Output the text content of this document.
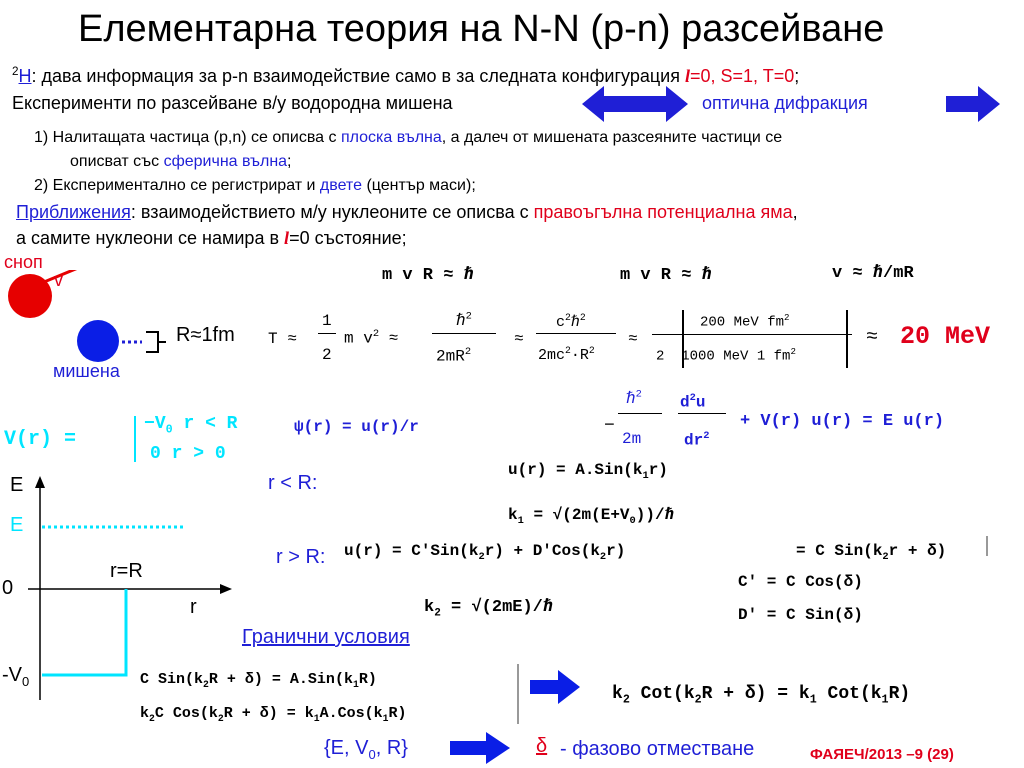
Елементарна теория на N-N (p-n) разсейване
$^2$H: дава информация за p-n взаимодействие само в за следната конфигурация l=0, S=1, T=0;
Експерименти по разсейване в/у водородна мишена	оптична дифракция
1) Налитащата частица (p,n) се описва с плоска вълна, а далеч от мишената разсеяните частици се
описват със сферична вълна;
2) Експериментално се регистрират и двете (център маси);
Приближения: взаимодействието м/у нуклеоните се описва с правоъгълна потенциална яма,
а самите нуклеони се намира в l=0 състояние;
сноп
v
мишена
R≈1fm
m v R ≈ ℏ	m v R ≈ ℏ	v ≈ ℏ/mR
T ≈
1
2
m $v^2$ ≈
ℏ$^2$
$2mR^2$
≈
$c^2\hbar^2$
$2mc^2\cdot R^2$
≈
200 MeV $fm^2$
2 1000 MeV 1 $fm^2$
≈ 20 MeV
V(r) =
$-V_0$ r < R
0 r > 0
ψ(r) = u(r)/r	−
ℏ$^2$
2m
$d^2u$
$dr^2$
+ V(r) u(r) = E u(r)
$u(r) = A.Sin(k_1r)$
$k_1$ = $√(2m(E+V_0))/\hbar$
$u(r) = C'Sin(k_2r) + D'Cos(k_2r)$	= C $Sin(k_2r + \delta)$
C' = C Cos(δ)
D' = C Sin(δ)
$k_2$ = √(2mE)/ℏ
r < R:
r > R:
Гранични условия
E
E
0
r=R
r
$-V_0$	C $Sin(k_2R + \delta) = A.Sin(k_1R)$
$k_2C$ $Cos(k_2R + \delta) = k_1A.Cos(k_1R)$
$k_2$ $Cot(k_2R + \delta) = k_1$ $Cot(k_1R)$
{E, $V_0$, R}	δ - фазово отместване	ФАЯЕЧ/2013 –9 (29)
